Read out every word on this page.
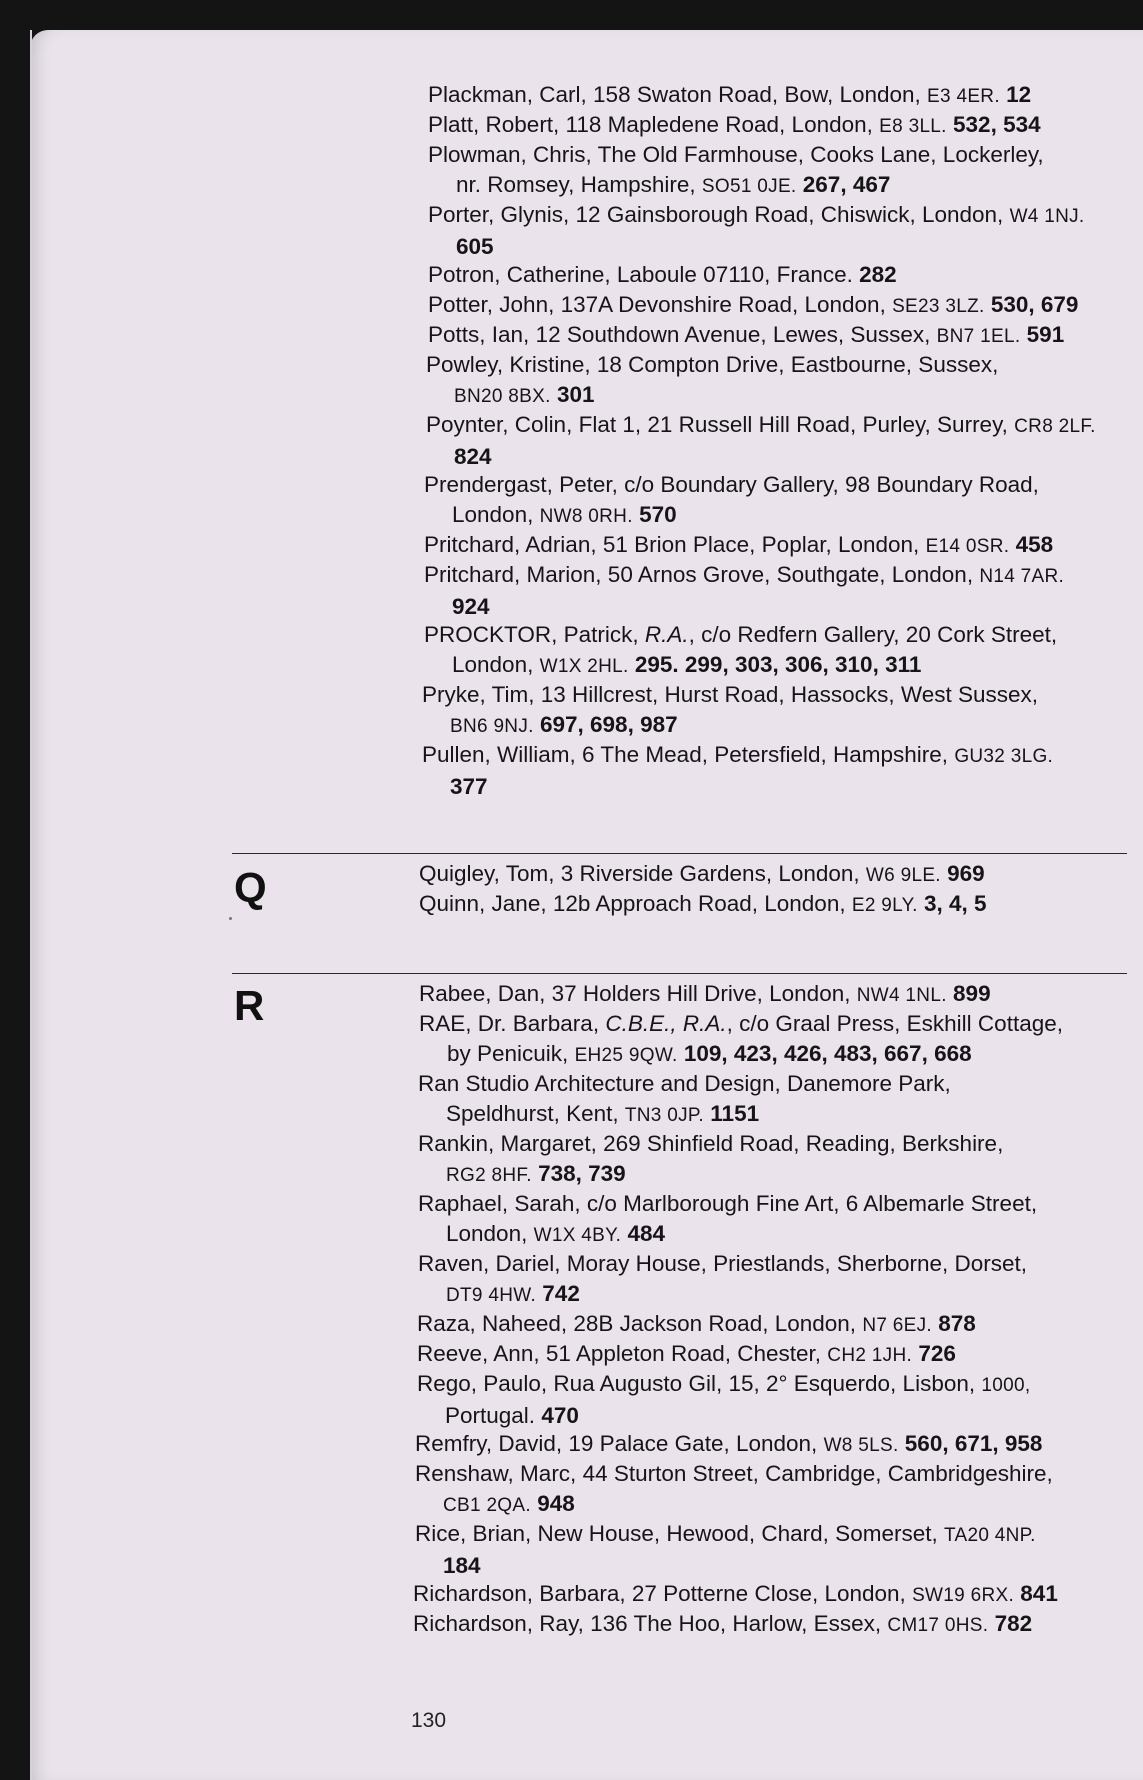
Plackman, Carl, 158 Swaton Road, Bow, London, E3 4ER. 12

Platt, Robert, 118 Mapledene Road, London, E8 3LL. 532, 534

Plowman, Chris, The Old Farmhouse, Cooks Lane, Lockerley,
nr. Romsey, Hampshire, SO51 0JE. 267, 467

Porter, Glynis, 12 Gainsborough Road, Chiswick, London, W4 1NJ.
605

Potron, Catherine, Laboule 07110, France. 282

Potter, John, 137A Devonshire Road, London, SE23 3LZ. 530, 679

Potts, Ian, 12 Southdown Avenue, Lewes, Sussex, BN7 1EL. 591

Powley, Kristine, 18 Compton Drive, Eastbourne, Sussex,
BN20 8BX. 301

Poynter, Colin, Flat 1, 21 Russell Hill Road, Purley, Surrey, CR8 2LF.
824

Prendergast, Peter, c/o Boundary Gallery, 98 Boundary Road,
London, NW8 0RH. 570

Pritchard, Adrian, 51 Brion Place, Poplar, London, E14 0SR. 458

Pritchard, Marion, 50 Arnos Grove, Southgate, London, N14 7AR.
924

PROCKTOR, Patrick, R.A., c/o Redfern Gallery, 20 Cork Street,
London, W1X 2HL. 295. 299, 303, 306, 310, 311

Pryke, Tim, 13 Hillcrest, Hurst Road, Hassocks, West Sussex,
BN6 9NJ. 697, 698, 987

Pullen, William, 6 The Mead, Petersfield, Hampshire, GU32 3LG.
377

Q	Quigley, Tom, 3 Riverside Gardens, London, W6 9LE. 969

Quinn, Jane, 12b Approach Road, London, E2 9LY. 3, 4, 5

R	Rabee, Dan, 37 Holders Hill Drive, London, NW4 1NL. 899

RAE, Dr. Barbara, C.B.E., R.A., c/o Graal Press, Eskhill Cottage,
by Penicuik, EH25 9QW. 109, 423, 426, 483, 667, 668

Ran Studio Architecture and Design, Danemore Park,
Speldhurst, Kent, TN3 0JP. 1151

Rankin, Margaret, 269 Shinfield Road, Reading, Berkshire,
RG2 8HF. 738, 739

Raphael, Sarah, c/o Marlborough Fine Art, 6 Albemarle Street,
London, W1X 4BY. 484

Raven, Dariel, Moray House, Priestlands, Sherborne, Dorset,
DT9 4HW. 742

Raza, Naheed, 28B Jackson Road, London, N7 6EJ. 878

Reeve, Ann, 51 Appleton Road, Chester, CH2 1JH. 726

Rego, Paulo, Rua Augusto Gil, 15, 2° Esquerdo, Lisbon, 1000,
Portugal. 470

Remfry, David, 19 Palace Gate, London, W8 5LS. 560, 671, 958

Renshaw, Marc, 44 Sturton Street, Cambridge, Cambridgeshire,
CB1 2QA. 948

Rice, Brian, New House, Hewood, Chard, Somerset, TA20 4NP.
184

Richardson, Barbara, 27 Potterne Close, London, SW19 6RX. 841

Richardson, Ray, 136 The Hoo, Harlow, Essex, CM17 0HS. 782

130
